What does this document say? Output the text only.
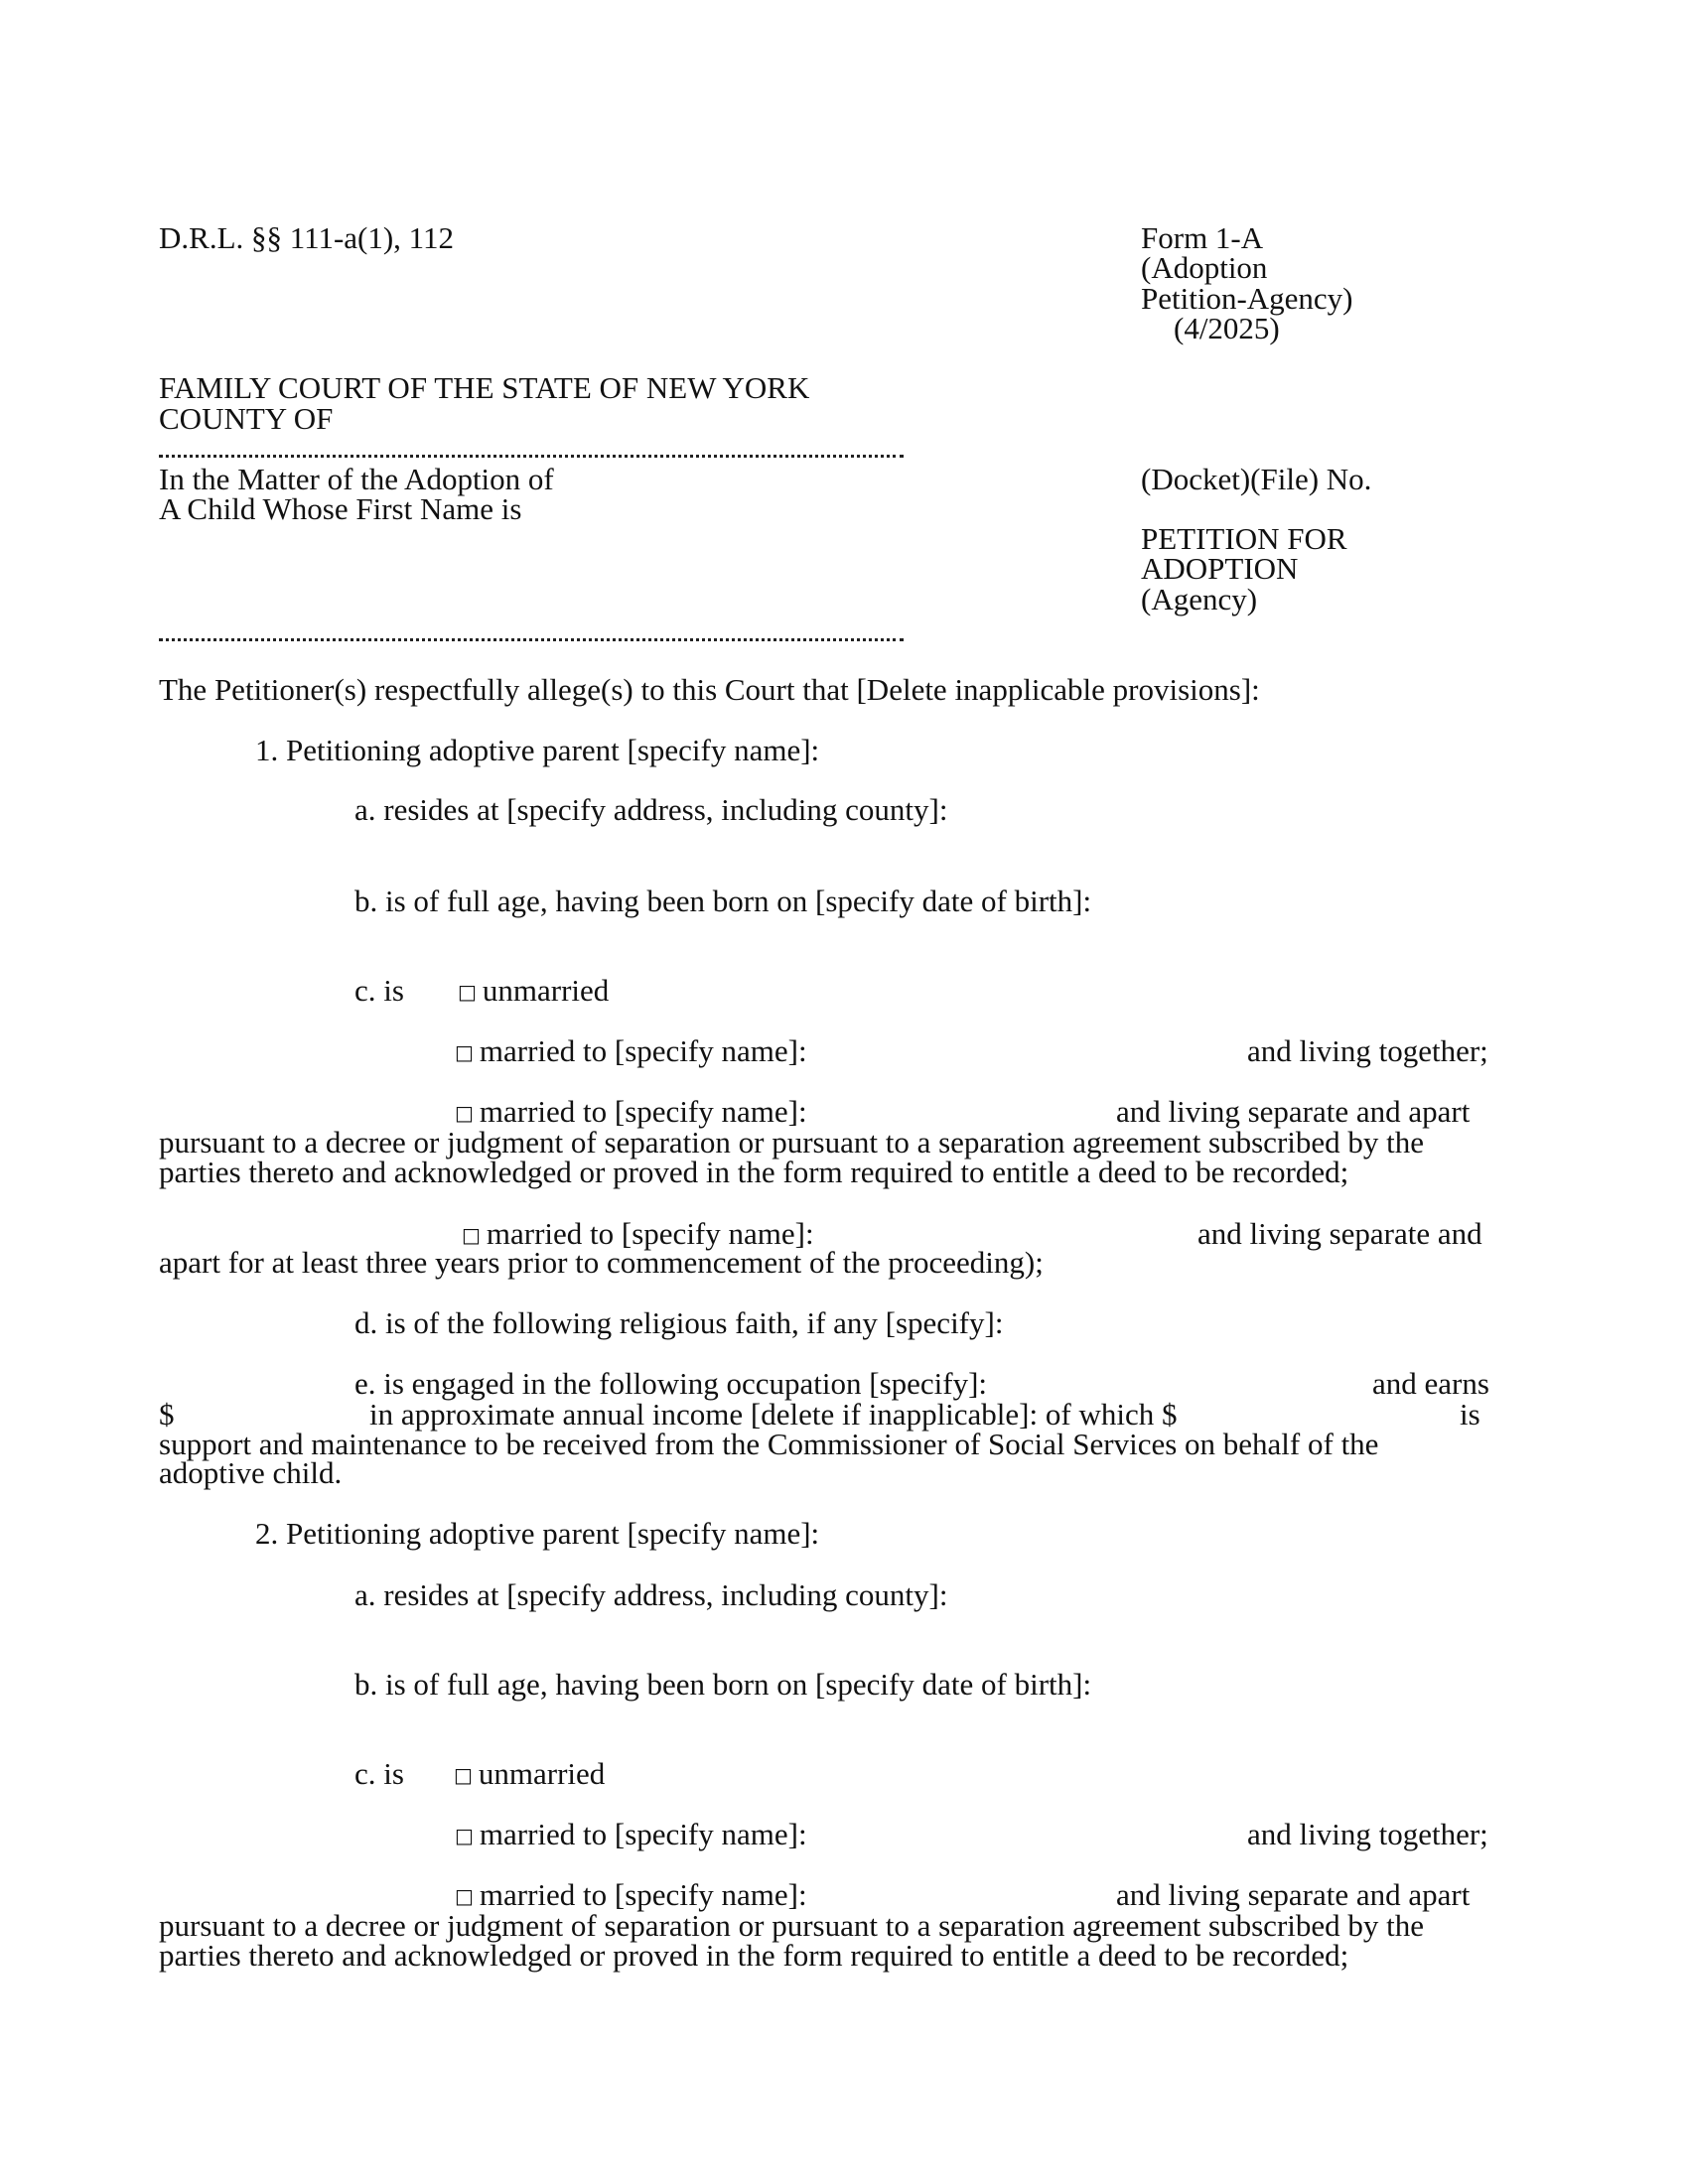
D.R.L. §§ 111-a(1), 112	Form 1-A
(Adoption
Petition-Agency)
(4/2025)
FAMILY COURT OF THE STATE OF NEW YORK
COUNTY OF
In the Matter of the Adoption of
A Child Whose First Name is
(Docket)(File) No.
PETITION FOR
ADOPTION
(Agency)
The Petitioner(s) respectfully allege(s) to this Court that [Delete inapplicable provisions]:
1. Petitioning adoptive parent [specify name]:
a. resides at [specify address, including county]:
b. is of full age, having been born on [specify date of birth]:
c. is	□ unmarried
□ married to [specify name]:	and living together;
□ married to [specify name]:	and living separate and apart
pursuant to a decree or judgment of separation or pursuant to a separation agreement subscribed by the
parties thereto and acknowledged or proved in the form required to entitle a deed to be recorded;
□ married to [specify name]:	and living separate and
apart for at least three years prior to commencement of the proceeding);
d. is of the following religious faith, if any [specify]:
e. is engaged in the following occupation [specify]:	and earns
$	in approximate annual income [delete if inapplicable]: of which $	is
support and maintenance to be received from the Commissioner of Social Services on behalf of the
adoptive child.
2. Petitioning adoptive parent [specify name]:
a. resides at [specify address, including county]:
b. is of full age, having been born on [specify date of birth]:
c. is	□ unmarried
□ married to [specify name]:	and living together;
□ married to [specify name]:	and living separate and apart
pursuant to a decree or judgment of separation or pursuant to a separation agreement subscribed by the
parties thereto and acknowledged or proved in the form required to entitle a deed to be recorded;
